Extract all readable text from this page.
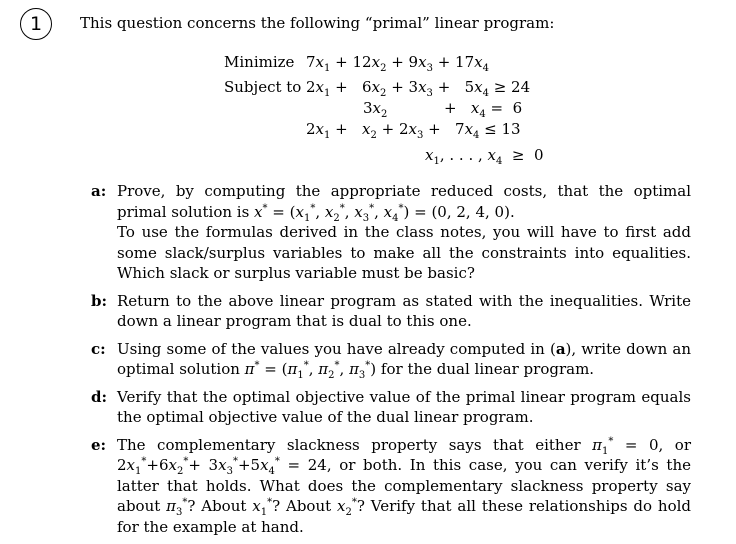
1	This question concerns the following “primal” linear program:
Minimize $7x_1 + 12x_2 + 9x_3 + 17x_4$
Subject to $2x_1 + 6x_2 + 3x_3 + 5x_4 \ge 24$
$3x_2$	+   $x_4 = 6$
$2x_1 + x_2 + 2x_3 + 7x_4 \le 13$
$x_1$, . . . , $x_4 \ge 0$
a: Prove, by computing the appropriate reduced costs, that the optimal primal solution is $x^* = (x_1^*$, $x_2^*$, $x_3^*$, $x_4^*) = (0$, 2, 4, 0).

To use the formulas derived in the class notes, you will have to first add some slack/surplus variables to make all the constraints into equalities. Which slack or surplus variable must be basic?

b: Return to the above linear program as stated with the inequalities. Write down a linear program that is dual to this one.
c: Using some of the values you have already computed in (a), write down an optimal solution $\pi^* = (\pi_1^*$, $\pi_2^*$, $\pi_3^*$) for the dual linear program.
d: Verify that the optimal objective value of the primal linear program equals the optimal objective value of the dual linear program.
e: The complementary slackness property says that either $\pi_1^* = 0$, or $2x_1^*+6x_2^*+ 3x_3^*+5x_4^* = 24$, or both. In this case, you can verify it’s the latter that holds. What does the complementary slackness property say about $\pi_3^*$? About $x_1^*$? About $x_2^*$? Verify that all these relationships do hold for the example at hand.
